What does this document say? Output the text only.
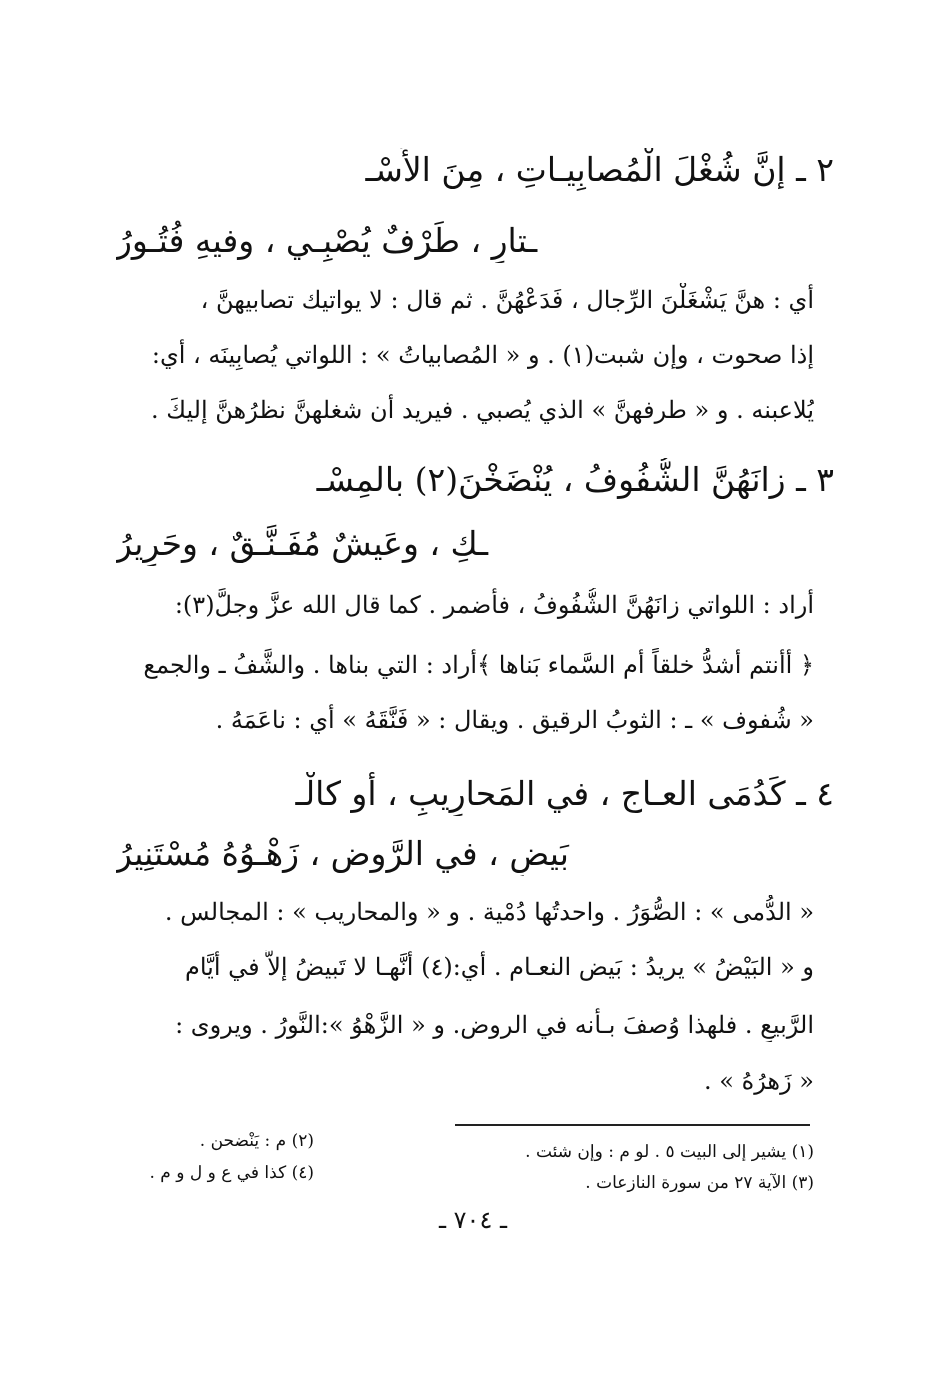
٢ ـ إنَّ شُغْلَ الْمُصابِيـاتِ ، مِنَ الأَسْـ
ـتارِ ، طَرْفٌ يُصْبِـي ، وفيهِ فُتُـورُ
أي : هنَّ يَشْغَلْنَ الرِّجال ، فَدَعْهُنَّ . ثم قال : لا يواتيك تصابيهنَّ ،
إذا صحوت ، وإن شبت(١) . و « المُصابياتُ » : اللواتي يُصابِينَه ، أي:
يُلاعبنه . و « طرفهنَّ » الذي يُصبي . فيريد أن شغلهنَّ نظرُهنَّ إليكَ .
٣ ـ زانَهُنَّ الشُّفُوفُ ، يُنْضَخْنَ(٢) بالمِسْـ
ـكِ ، وعَيشٌ مُفَـنَّـقٌ ، وحَرِيرُ
أراد : اللواتي زانَهُنَّ الشُّفُوفُ ، فأضمر . كما قال الله عزَّ وجلَّ(٣):
﴿ أأنتم أشدُّ خلقاً أم السَّماء بَناها ﴾أراد : التي بناها . والشَّفُ ـ والجمع
« شُفوف » ـ : الثوبُ الرقيق . ويقال : « فَنَّقَهُ » أي : ناعَمَهُ .
٤ ـ كَدُمَى العـاجِ ، في المَحارِيبِ ، أو كالْـ
بَيضِ ، في الرَّوضِ ، زَهْـوُهُ مُسْتَنِيرُ
« الدُّمى » : الصُّوَرُ . واحدتُها دُمْية . و « والمحاريب » : المجالس .
و « البَيْضُ » يريدُ : بَيض النعـام . أي:(٤) أنَّهـا لا تَبيضُ إلاَّ في أيَّام
الرَّبيعِ . فلهذا وُصفَ بـأنه في الروض. و « الزَّهْوُ »:النَّورُ . ويروى :
« زَهرُهُ » .
(١) يشير إلى البيت ٥ . لو م : وإن شئت .
(٣) الآية ٢٧ من سورة النازعات .
(٢) م : يَنْضحن .
(٤) كذا في ع و ل و م .
ـ ٧٠٤ ـ
